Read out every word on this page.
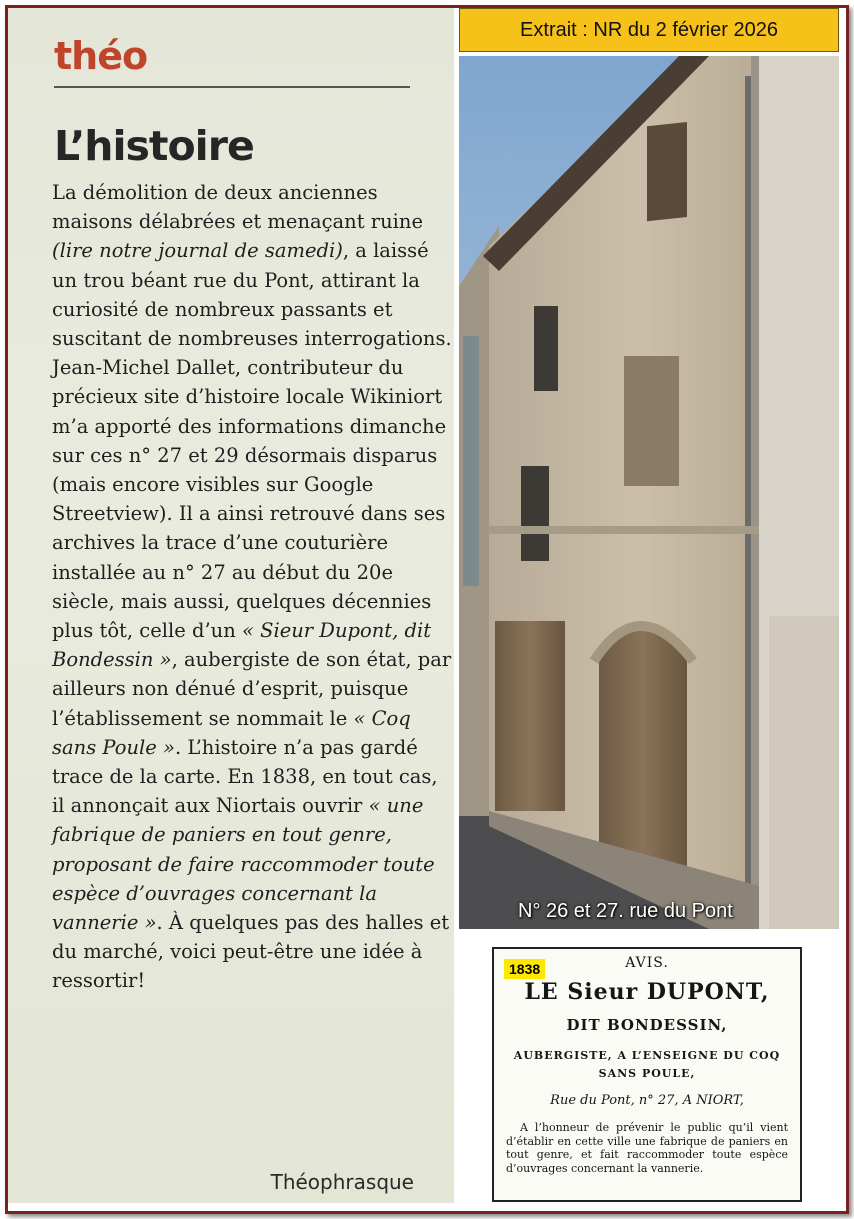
théo
L’histoire

La démolition de deux anciennes maisons délabrées et menaçant ruine (lire notre journal de samedi), a laissé un trou béant rue du Pont, attirant la curiosité de nombreux passants et suscitant de nombreuses interrogations. Jean-Michel Dallet, contributeur du précieux site d’histoire locale Wikiniort m’a apporté des informations dimanche sur ces n° 27 et 29 désormais disparus (mais encore visibles sur Google Streetview). Il a ainsi retrouvé dans ses archives la trace d’une couturière installée au n° 27 au début du 20e siècle, mais aussi, quelques décennies plus tôt, celle d’un « Sieur Dupont, dit Bondessin », aubergiste de son état, par ailleurs non dénué d’esprit, puisque l’établissement se nommait le « Coq sans Poule ». L’histoire n’a pas gardé trace de la carte. En 1838, en tout cas, il annonçait aux Niortais ouvrir « une fabrique de paniers en tout genre, proposant de faire raccommoder toute espèce d’ouvrages concernant la vannerie ». À quelques pas des halles et du marché, voici peut-être une idée à ressortir!

Théophrasque
Extrait : NR du 2 février 2026
N° 26 et 27. rue du Pont
1838	AVIS.
LE Sieur DUPONT,
DIT BONDESSIN,
AUBERGISTE, A L’ENSEIGNE DU COQ
SANS POULE,
Rue du Pont, n° 27, A NIORT,
A l’honneur de prévenir le public qu’il vient d’établir en cette ville une fabrique de paniers en tout genre, et fait raccommoder toute espèce d’ouvrages concernant la vannerie.
